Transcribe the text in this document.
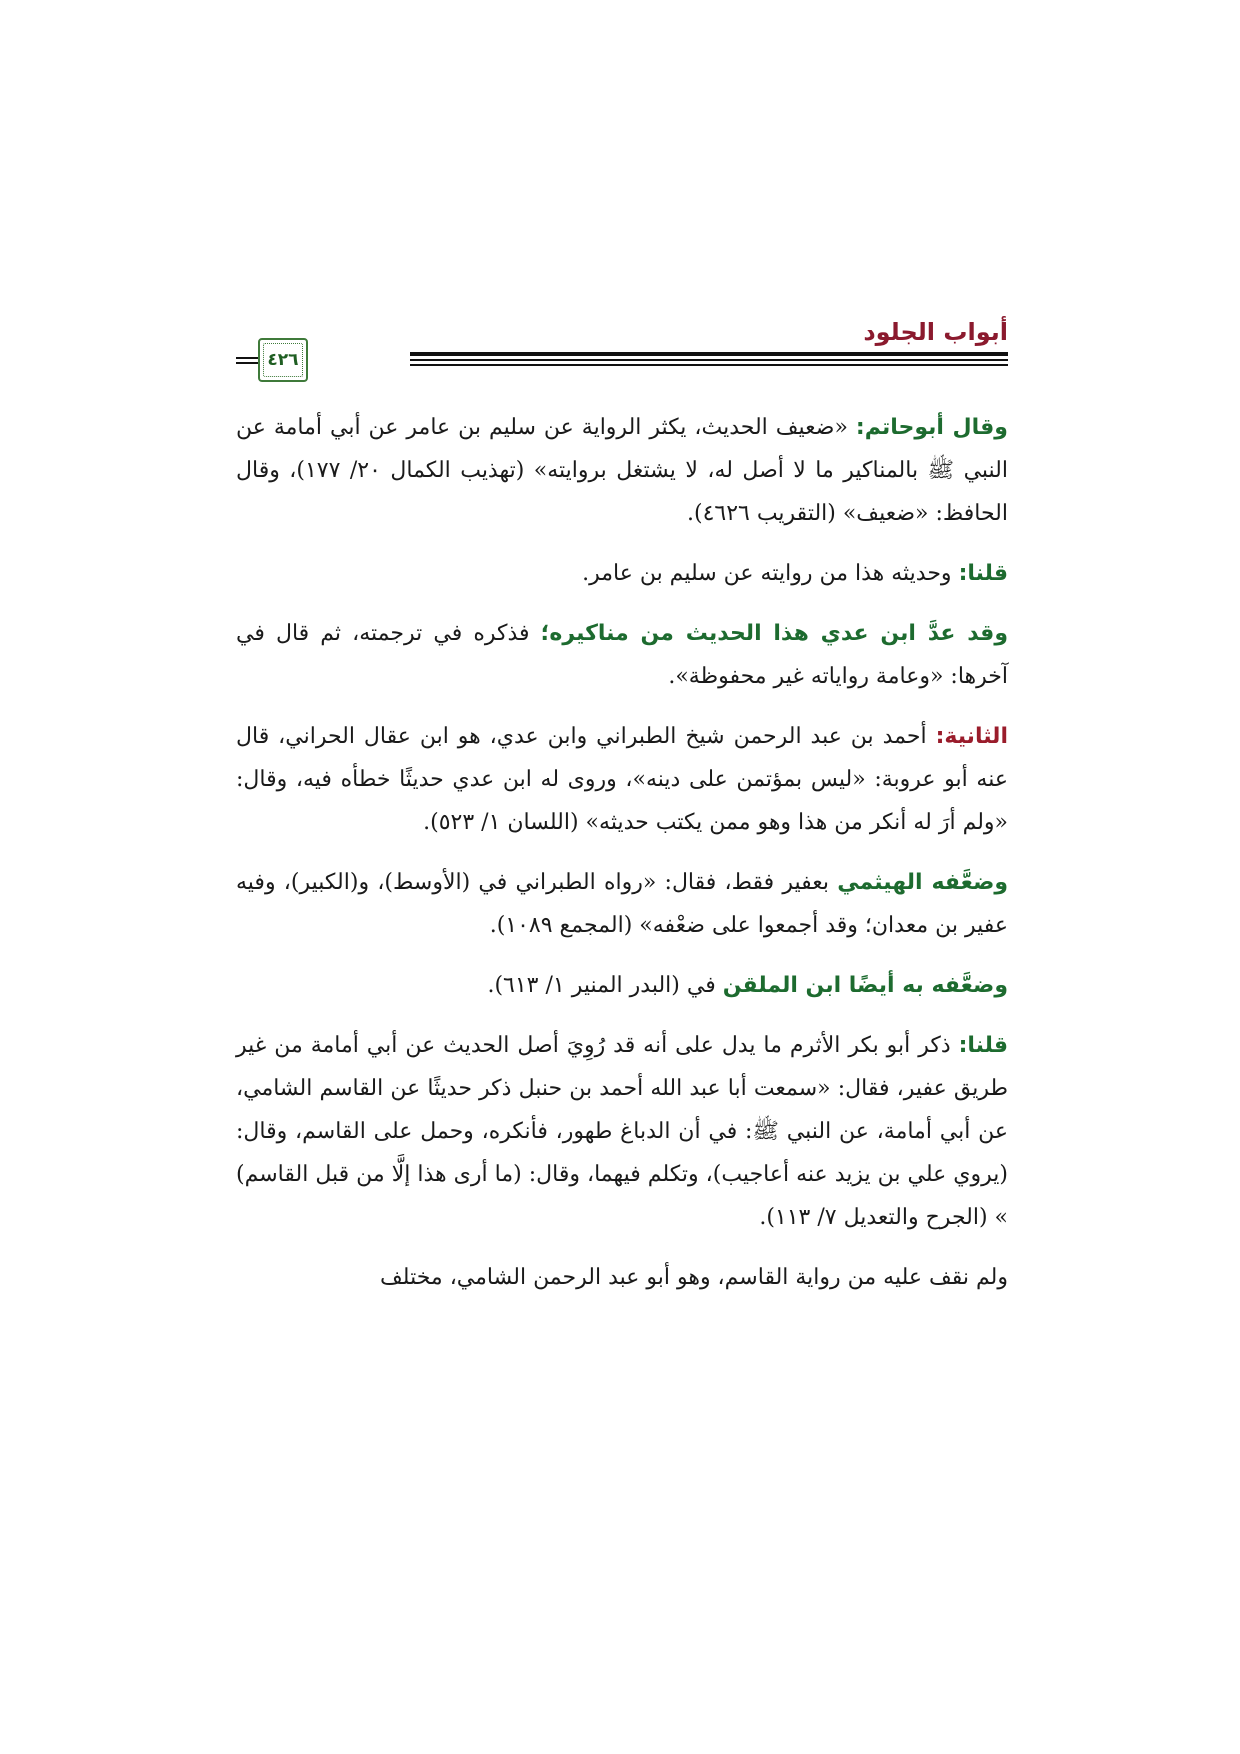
أبواب الجلود
٤٢٦

وقال أبوحاتم: «ضعيف الحديث، يكثر الرواية عن سليم بن عامر عن أبي أمامة عن النبي ﷺ بالمناكير ما لا أصل له، لا يشتغل بروايته» (تهذيب الكمال ٢٠/ ١٧٧)، وقال الحافظ: «ضعيف» (التقريب ٤٦٢٦).

قلنا: وحديثه هذا من روايته عن سليم بن عامر.

وقد عدَّ ابن عدي هذا الحديث من مناكيره؛ فذكره في ترجمته، ثم قال في آخرها: «وعامة رواياته غير محفوظة».

الثانية: أحمد بن عبد الرحمن شيخ الطبراني وابن عدي، هو ابن عقال الحراني، قال عنه أبو عروبة: «ليس بمؤتمن على دينه»، وروى له ابن عدي حديثًا خطأه فيه، وقال: «ولم أرَ له أنكر من هذا وهو ممن يكتب حديثه» (اللسان ١/ ٥٢٣).

وضعَّفه الهيثمي بعفير فقط، فقال: «رواه الطبراني في (الأوسط)، و(الكبير)، وفيه عفير بن معدان؛ وقد أجمعوا على ضعْفه» (المجمع ١٠٨٩).

وضعَّفه به أيضًا ابن الملقن في (البدر المنير ١/ ٦١٣).

قلنا: ذكر أبو بكر الأثرم ما يدل على أنه قد رُوِيَ أصل الحديث عن أبي أمامة من غير طريق عفير، فقال: «سمعت أبا عبد الله أحمد بن حنبل ذكر حديثًا عن القاسم الشامي، عن أبي أمامة، عن النبي ﷺ: في أن الدباغ طهور، فأنكره، وحمل على القاسم، وقال: (يروي علي بن يزيد عنه أعاجيب)، وتكلم فيهما، وقال: (ما أرى هذا إلَّا من قبل القاسم) » (الجرح والتعديل ٧/ ١١٣).

ولم نقف عليه من رواية القاسم، وهو أبو عبد الرحمن الشامي، مختلف
